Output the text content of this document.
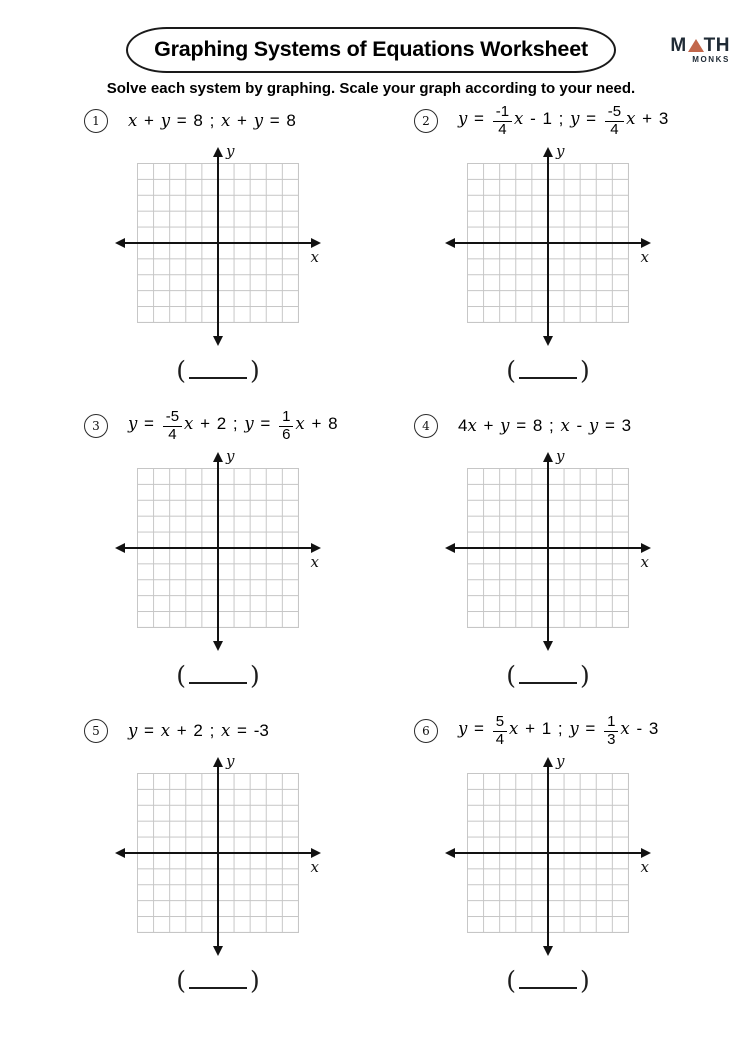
Graphing Systems of Equations Worksheet	M TH
MONKS
Solve each system by graphing. Scale your graph according to your need.
1	x + y = 8 ; x + y = 8
y
x
(	)
2	$y = \frac{-1}{4}$ x - 1 ; $y = \frac{-5}{4}$ x + 3
y
x
(	)
3	$y = \frac{-5}{4}$ x + 2 ; $y = \frac{1}{6}$ x + 8
y
x
(	)
4	4x + y = 8 ; x - y = 3
y
x
(	)
5	y = x + 2 ; x = -3
y
x
(	)
6	$y = \frac{5}{4}$ x + 1 ; $y = \frac{1}{3}$ x - 3
y
x
(	)
